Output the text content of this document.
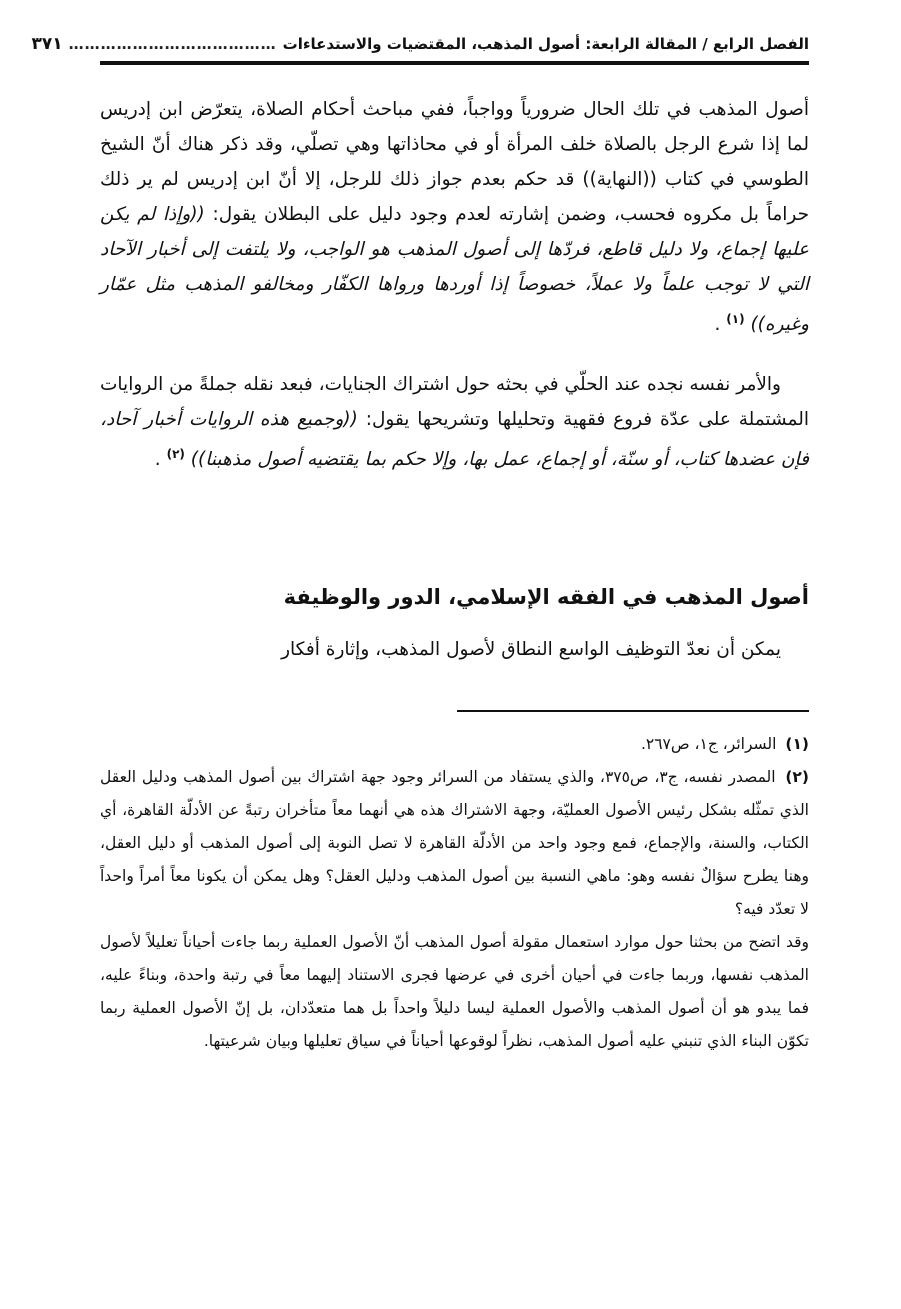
الفصل الرابع / المقالة الرابعة: أصول المذهب، المقتضيات والاستدعاءات
…………………………………
٣٧١
أصول المذهب في تلك الحال ضرورياً وواجباً، ففي مباحث أحكام الصلاة، يتعرّض ابن إدريس لما إذا شرع الرجل بالصلاة خلف المرأة أو في محاذاتها وهي تصلّي، وقد ذكر هناك أنّ الشيخ الطوسي في كتاب ((النهاية)) قد حكم بعدم جواز ذلك للرجل، إلا أنّ ابن إدريس لم ير ذلك حراماً بل مكروه فحسب، وضمن إشارته لعدم وجود دليل على البطلان يقول: ((وإذا لم يكن عليها إجماع، ولا دليل قاطع، فردّها إلى أصول المذهب هو الواجب، ولا يلتفت إلى أخبار الآحاد التي لا توجب علماً ولا عملاً، خصوصاً إذا أوردها ورواها الكفّار ومخالفو المذهب مثل عمّار وغيره)) $^{(١)}$ .
والأمر نفسه نجده عند الحلّي في بحثه حول اشتراك الجنايات، فبعد نقله جملةً من الروايات المشتملة على عدّة فروع فقهية وتحليلها وتشريحها يقول: ((وجميع هذه الروايات أخبار آحاد، فإن عضدها كتاب، أو سنّة، أو إجماع، عمل بها، وإلا حكم بما يقتضيه أصول مذهبنا)) $^{(٢)}$ .
أصول المذهب في الفقه الإسلامي، الدور والوظيفة
يمكن أن نعدّ التوظيف الواسع النطاق لأصول المذهب، وإثارة أفكار

(١) السرائر، ج١، ص٢٦٧.

(٢) المصدر نفسه، ج٣، ص٣٧٥، والذي يستفاد من السرائر وجود جهة اشتراك بين أصول المذهب ودليل العقل الذي تمثّله بشكل رئيس الأصول العمليّة، وجهة الاشتراك هذه هي أنهما معاً متأخران رتبةً عن الأدلّة القاهرة، أي الكتاب، والسنة، والإجماع، فمع وجود واحد من الأدلّة القاهرة لا تصل النوبة إلى أصول المذهب أو دليل العقل، وهنا يطرح سؤالٌ نفسه وهو: ماهي النسبة بين أصول المذهب ودليل العقل؟ وهل يمكن أن يكونا معاً أمراً واحداً لا تعدّد فيه؟

وقد اتضح من بحثنا حول موارد استعمال مقولة أصول المذهب أنّ الأصول العملية ربما جاءت أحياناً تعليلاً لأصول المذهب نفسها، وربما جاءت في أحيان أخرى في عرضها فجرى الاستناد إليهما معاً في رتبة واحدة، وبناءً عليه، فما يبدو هو أن أصول المذهب والأصول العملية ليسا دليلاً واحداً بل هما متعدّدان، بل إنّ الأصول العملية ربما تكوّن البناء الذي تنبني عليه أصول المذهب، نظراً لوقوعها أحياناً في سياق تعليلها وبيان شرعيتها.
